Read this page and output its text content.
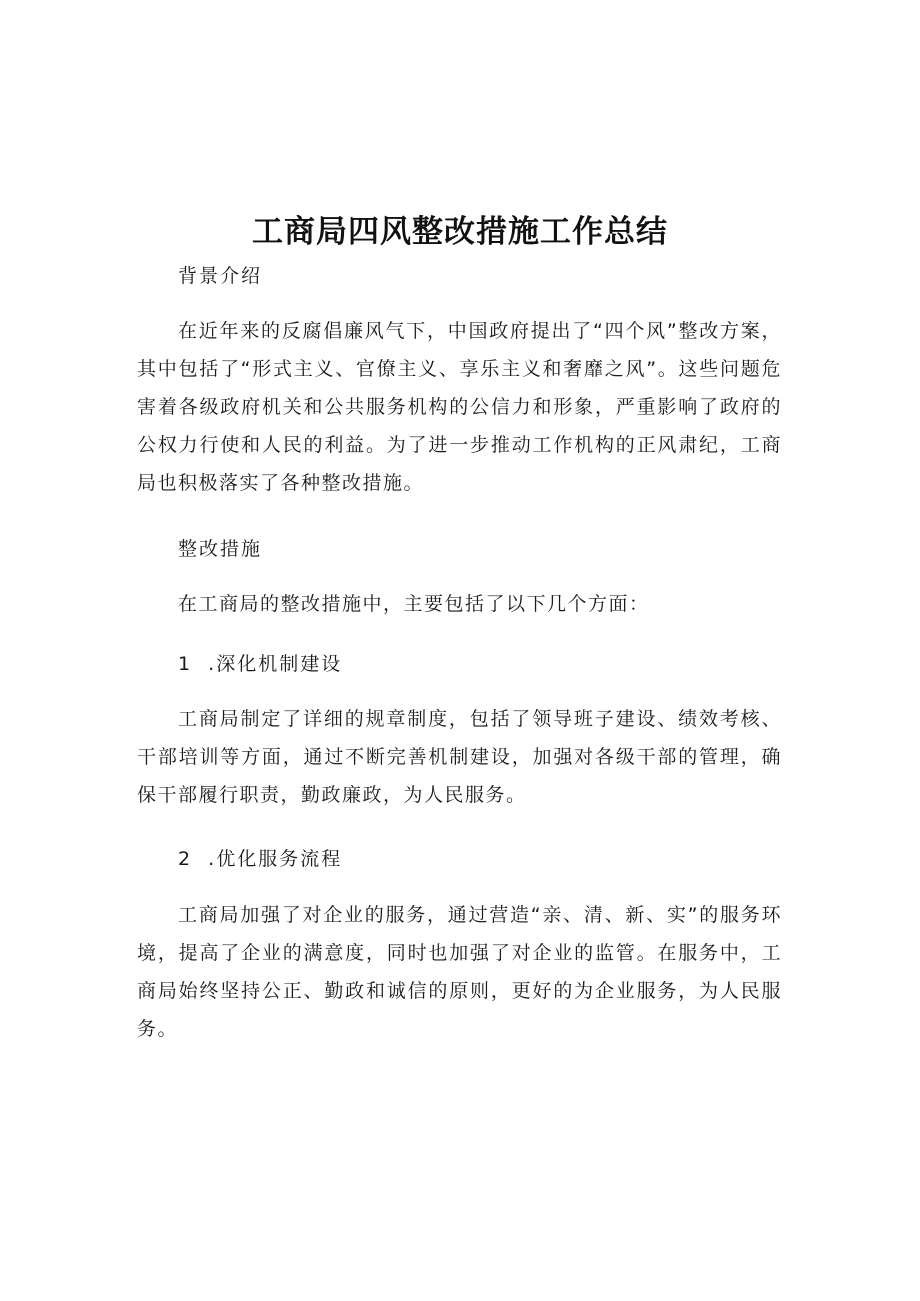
工商局四风整改措施工作总结
背景介绍
在近年来的反腐倡廉风气下，中国政府提出了“四个风”整改方案，其中包括了“形式主义、官僚主义、享乐主义和奢靡之风”。这些问题危害着各级政府机关和公共服务机构的公信力和形象，严重影响了政府的公权力行使和人民的利益。为了进一步推动工作机构的正风肃纪，工商局也积极落实了各种整改措施。
整改措施
在工商局的整改措施中，主要包括了以下几个方面：
1  .深化机制建设
工商局制定了详细的规章制度，包括了领导班子建设、绩效考核、干部培训等方面，通过不断完善机制建设，加强对各级干部的管理，确保干部履行职责，勤政廉政，为人民服务。
2  .优化服务流程
工商局加强了对企业的服务，通过营造“亲、清、新、实”的服务环境，提高了企业的满意度，同时也加强了对企业的监管。在服务中，工商局始终坚持公正、勤政和诚信的原则，更好的为企业服务，为人民服务。
